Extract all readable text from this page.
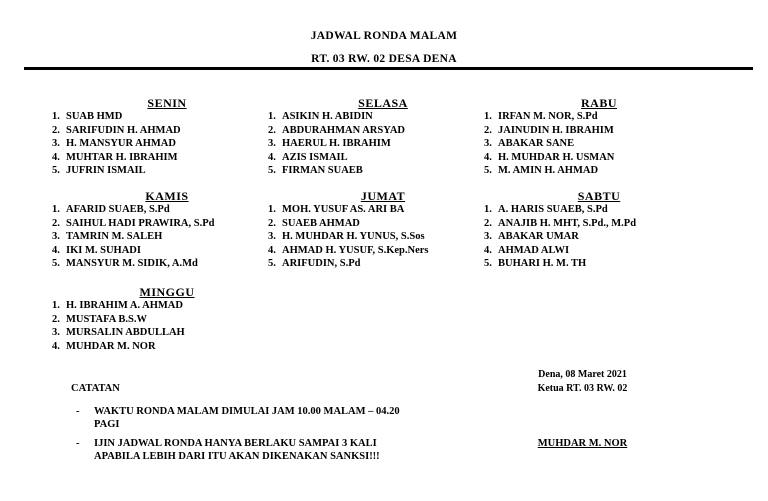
JADWAL RONDA MALAM
RT. 03 RW. 02 DESA DENA
SENIN
1. SUAB HMD
2. SARIFUDIN H. AHMAD
3. H. MANSYUR AHMAD
4. MUHTAR H. IBRAHIM
5. JUFRIN ISMAIL
SELASA
1. ASIKIN H. ABIDIN
2. ABDURAHMAN ARSYAD
3. HAERUL H. IBRAHIM
4. AZIS ISMAIL
5. FIRMAN SUAEB
RABU
1. IRFAN M. NOR, S.Pd
2. JAINUDIN H. IBRAHIM
3. ABAKAR SANE
4. H. MUHDAR H. USMAN
5. M. AMIN H. AHMAD
KAMIS
1. AFARID SUAEB, S.Pd
2. SAIHUL HADI PRAWIRA, S.Pd
3. TAMRIN M. SALEH
4. IKI M. SUHADI
5. MANSYUR M. SIDIK, A.Md
JUMAT
1. MOH. YUSUF AS. ARI BA
2. SUAEB AHMAD
3. H. MUHDAR H. YUNUS, S.Sos
4. AHMAD H. YUSUF, S.Kep.Ners
5. ARIFUDIN, S.Pd
SABTU
1. A. HARIS SUAEB, S.Pd
2. ANAJIB H. MHT, S.Pd., M.Pd
3. ABAKAR UMAR
4. AHMAD ALWI
5. BUHARI H. M. TH
MINGGU
1. H. IBRAHIM A. AHMAD
2. MUSTAFA B.S.W
3. MURSALIN ABDULLAH
4. MUHDAR M. NOR
CATATAN
- WAKTU RONDA MALAM DIMULAI JAM 10.00 MALAM – 04.20 PAGI
- IJIN JADWAL RONDA HANYA BERLAKU SAMPAI 3 KALI APABILA LEBIH DARI ITU AKAN DIKENAKAN SANKSI!!!
Dena, 08 Maret 2021
Ketua RT. 03 RW. 02
MUHDAR M. NOR
